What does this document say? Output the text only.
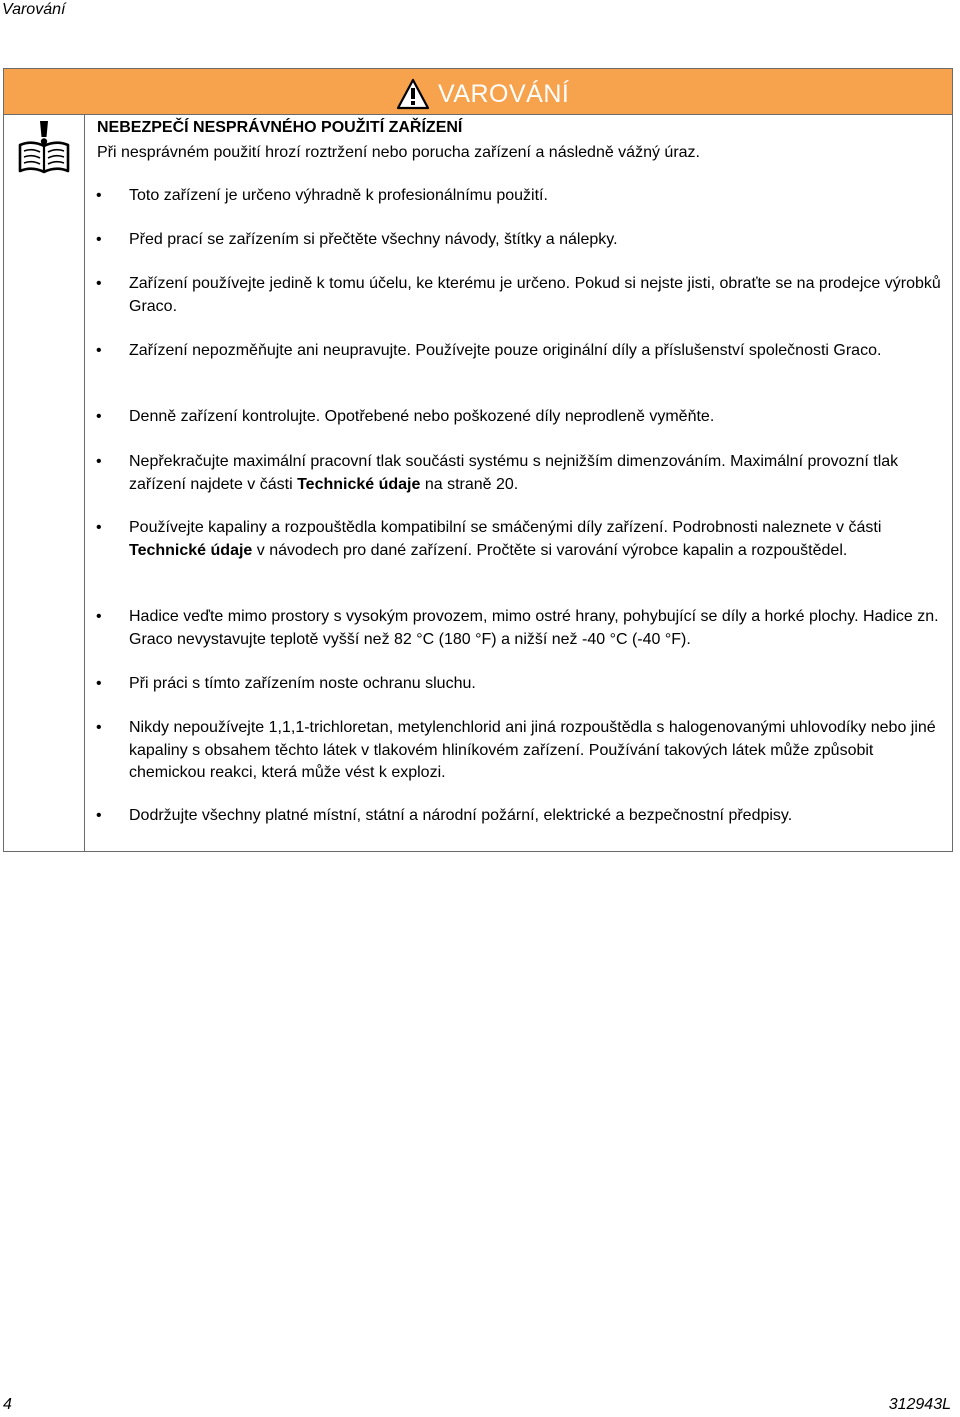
Varování
VAROVÁNÍ
NEBEZPEČÍ NESPRÁVNÉHO POUŽITÍ ZAŘÍZENÍ
Při nesprávném použití hrozí roztržení nebo porucha zařízení a následně vážný úraz.
• Toto zařízení je určeno výhradně k profesionálnímu použití.
• Před prací se zařízením si přečtěte všechny návody, štítky a nálepky.
• Zařízení používejte jedině k tomu účelu, ke kterému je určeno. Pokud si nejste jisti, obraťte se na prodejce výrobků Graco.
• Zařízení nepozměňujte ani neupravujte. Používejte pouze originální díly a příslušenství společnosti Graco.
• Denně zařízení kontrolujte. Opotřebené nebo poškozené díly neprodleně vyměňte.
• Nepřekračujte maximální pracovní tlak součásti systému s nejnižším dimenzováním. Maximální provozní tlak zařízení najdete v části Technické údaje na straně 20.
• Používejte kapaliny a rozpouštědla kompatibilní se smáčenými díly zařízení. Podrobnosti naleznete v části Technické údaje v návodech pro dané zařízení. Pročtěte si varování výrobce kapalin a rozpouštědel.
• Hadice veďte mimo prostory s vysokým provozem, mimo ostré hrany, pohybující se díly a horké plochy. Hadice zn. Graco nevystavujte teplotě vyšší než 82 °C (180 °F) a nižší než -40 °C (-40 °F).
• Při práci s tímto zařízením noste ochranu sluchu.
• Nikdy nepoužívejte 1,1,1-trichloretan, metylenchlorid ani jiná rozpouštědla s halogenovanými uhlovodíky nebo jiné kapaliny s obsahem těchto látek v tlakovém hliníkovém zařízení. Používání takových látek může způsobit chemickou reakci, která může vést k explozi.
• Dodržujte všechny platné místní, státní a národní požární, elektrické a bezpečnostní předpisy.
4	312943L
